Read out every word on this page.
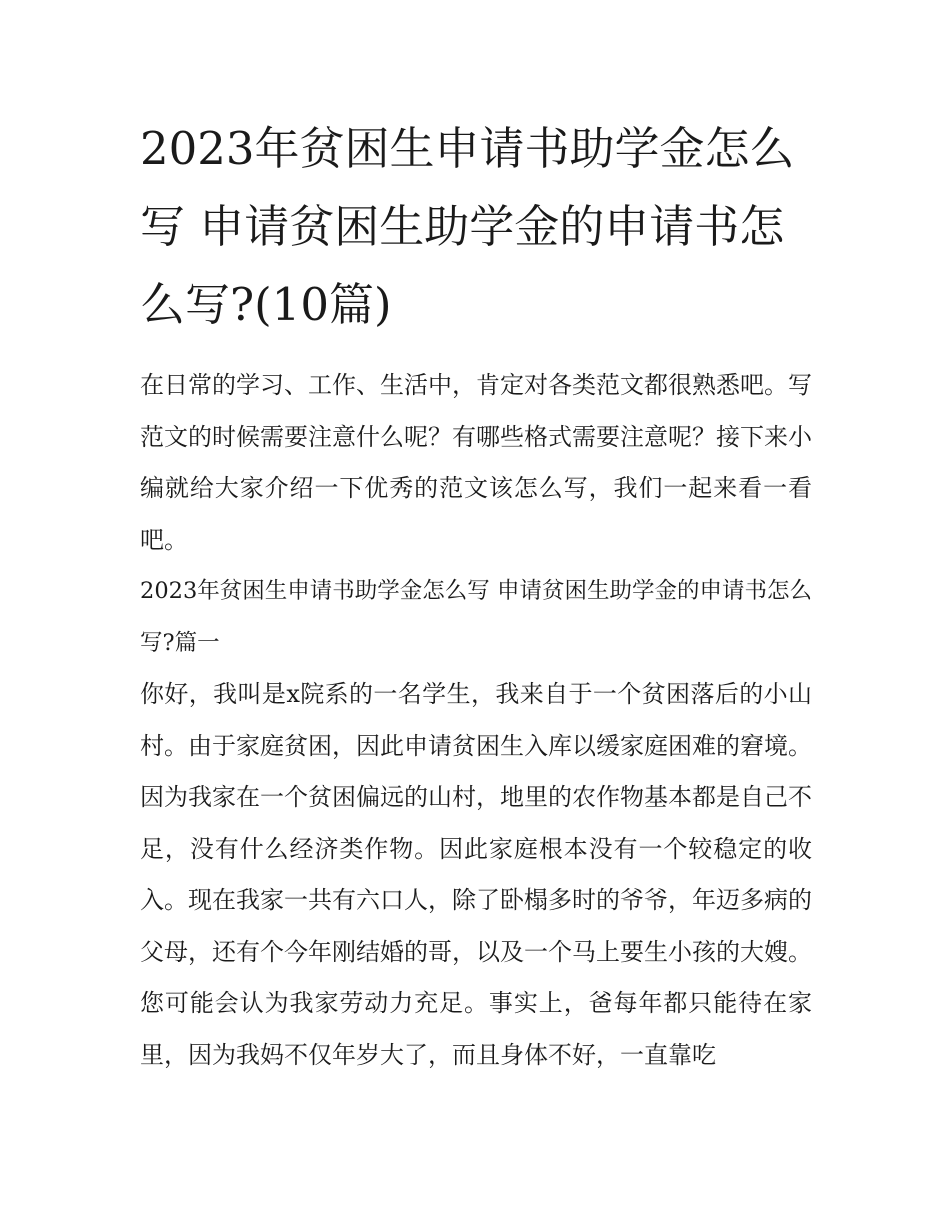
2023年贫困生申请书助学金怎么写 申请贫困生助学金的申请书怎么写?(10篇)

在日常的学习、工作、生活中，肯定对各类范文都很熟悉吧。写范文的时候需要注意什么呢？有哪些格式需要注意呢？接下来小编就给大家介绍一下优秀的范文该怎么写，我们一起来看一看吧。

2023年贫困生申请书助学金怎么写 申请贫困生助学金的申请书怎么写?篇一

你好，我叫是x院系的一名学生，我来自于一个贫困落后的小山村。由于家庭贫困，因此申请贫困生入库以缓家庭困难的窘境。

因为我家在一个贫困偏远的山村，地里的农作物基本都是自己不足，没有什么经济类作物。因此家庭根本没有一个较稳定的收入。现在我家一共有六口人，除了卧榻多时的爷爷，年迈多病的父母，还有个今年刚结婚的哥，以及一个马上要生小孩的大嫂。您可能会认为我家劳动力充足。事实上，爸每年都只能待在家里，因为我妈不仅年岁大了，而且身体不好，一直靠吃
